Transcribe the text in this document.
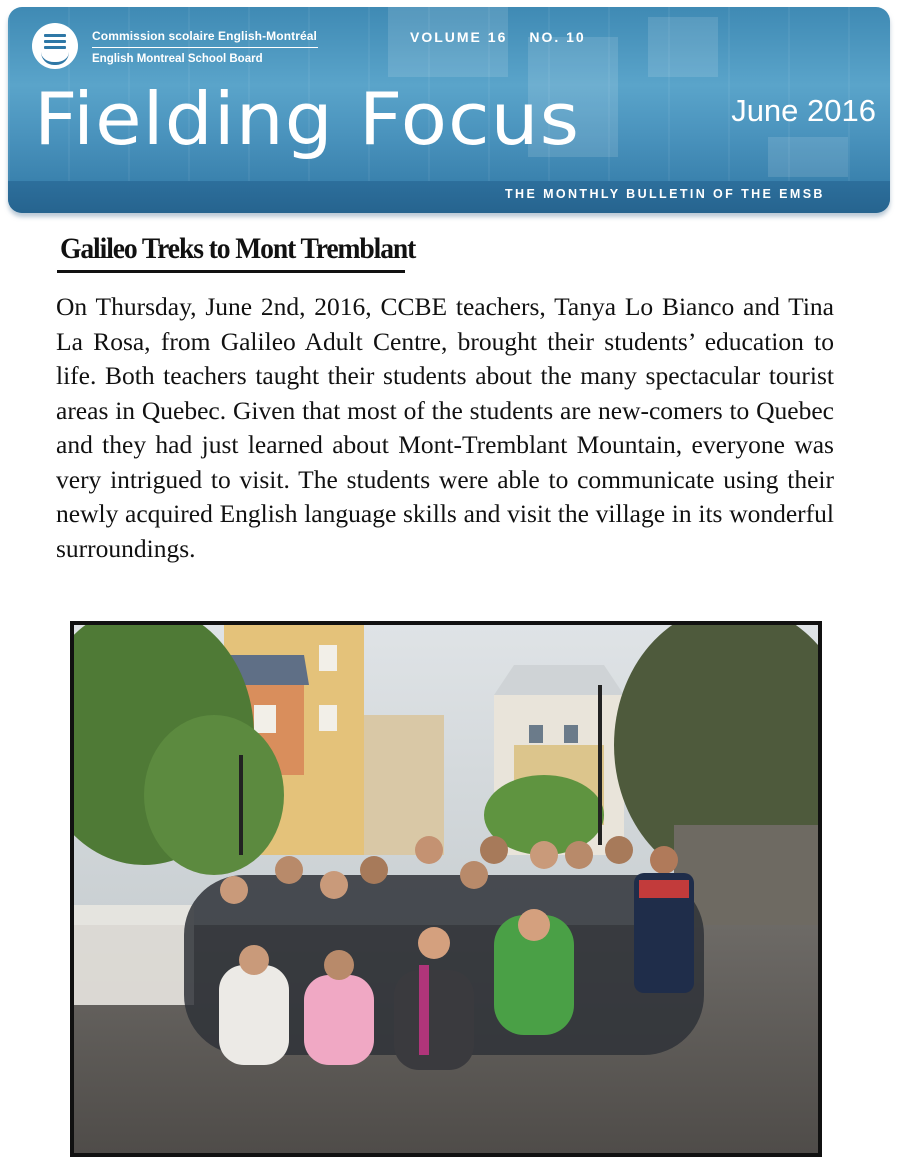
Commission scolaire English-Montréal
English Montreal School Board
VOLUME 16 NO. 10
Fielding Focus	June 2016
THE MONTHLY BULLETIN OF THE EMSB
Galileo Treks to Mont Tremblant

On Thursday, June 2nd, 2016, CCBE teachers, Tanya Lo Bianco and Tina La Rosa, from Galileo Adult Centre, brought their students’ education to life. Both teachers taught their students about the many spectacular tourist areas in Quebec. Given that most of the students are new-comers to Quebec and they had just learned about Mont-Tremblant Mountain, everyone was very intrigued to visit. The students were able to communicate using their newly acquired English language skills and visit the village in its wonderful surroundings.
